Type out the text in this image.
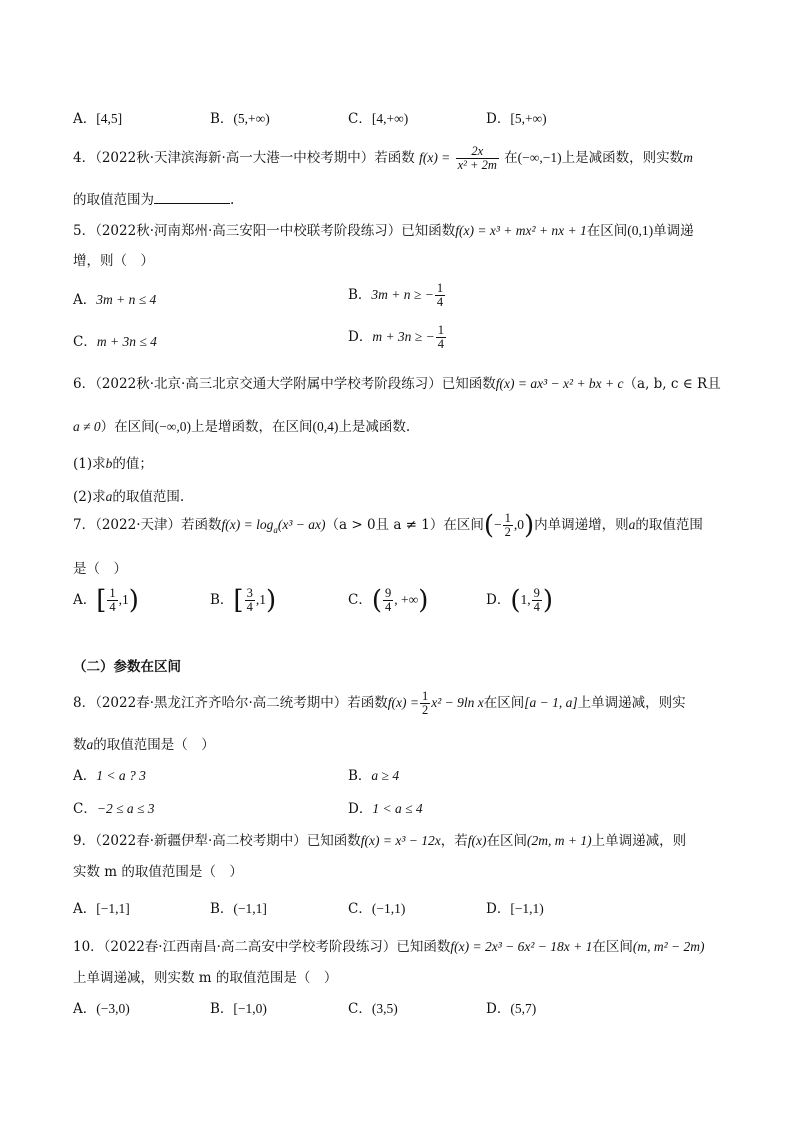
A．[4,5]	B．(5,+∞)	C．[4,+∞)	D．[5,+∞)
4．（2022秋·天津滨海新·高一大港一中校考期中）若函数 $f(x) = \frac{2x}{\text{x² + 2m}}$ 在(−∞,−1)上是减函数，则实数m
的取值范围为	.
5．（2022秋·河南郑州·高三安阳一中校联考阶段练习）已知函数f(x) = x³ + mx² + nx + 1在区间(0,1)单调递
增，则（　）
A．3m + n ≤ 4	B．3m + n ≥ − $\frac{1}{4}$
C．m + 3n ≤ 4	D．m + 3n ≥ − $\frac{1}{4}$
6．（2022秋·北京·高三北京交通大学附属中学校考阶段练习）已知函数f(x) = ax³ − x² + bx + c（a, b, c ∈ R且
a ≠ 0）在区间(−∞,0)上是增函数，在区间(0,4)上是减函数.
(1)求b的值；
(2)求a的取值范围.
7．（2022·天津）若函数$f(x) = \log_a(x^3 - ax)(a > 0$且 a ≠ 1）在区间(− $\frac{1}{2} ,0$)内单调递增，则a的取值范围
是（　）
A．[ $\frac{1}{4} ,1$)	B．[ $\frac{3}{4} ,1$)	C．( $\frac{9}{4}$ , +∞)	D．(1, $\frac{9}{4}$ )
（二）参数在区间
8．（2022春·黑龙江齐齐哈尔·高二统考期中）若函数$f(x) = \frac{1}{2} x^2 - 9\ln$ x在区间[a − 1, a]上单调递减，则实
数a的取值范围是（　）
A．1 < a ? 3	B．a ≥ 4
C．−2 ≤ a ≤ 3	D．1 < a ≤ 4
9．（2022春·新疆伊犁·高二校考期中）已知函数f(x) = x³ − 12x，若f(x)在区间(2m, m + 1)上单调递减，则
实数 m 的取值范围是（　）
A．[−1,1]	B．(−1,1]	C．(−1,1)	D．[−1,1)
10．（2022春·江西南昌·高二高安中学校考阶段练习）已知函数f(x) = 2x³ − 6x² − 18x + 1在区间(m, m² − 2m)
上单调递减，则实数 m 的取值范围是（　）
A．(−3,0)	B．[−1,0)	C．(3,5)	D．(5,7)
